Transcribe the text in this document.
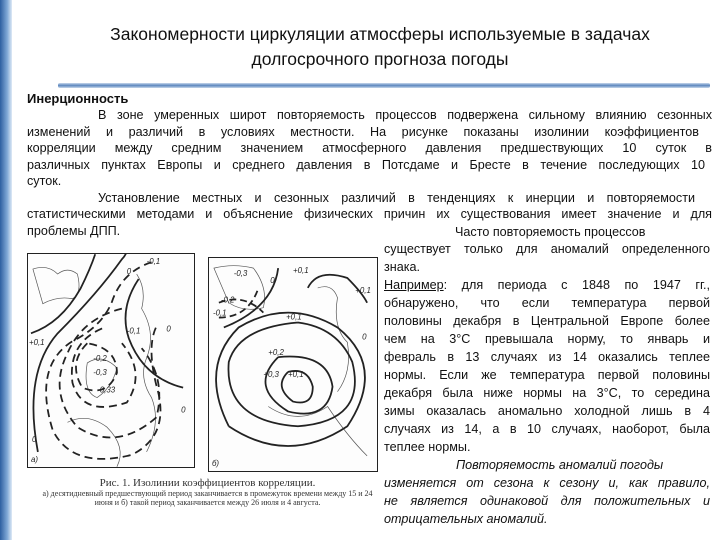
Закономерности циркуляции атмосферы используемые в задачах
долгосрочного прогноза погоды
Инерционность
В зоне умеренных широт повторяемость процессов подвержена сильному влиянию сезонных
изменений и различий в условиях местности. На рисунке показаны изолинии коэффициентов
корреляции между средним значением атмосферного давления предшествующих 10 суток в
различных пунктах Европы и среднего давления в Потсдаме и Бресте в течение последующих 10
суток.
Установление местных и сезонных различий в тенденциях к инерции и повторяемости
статистическими методами и объяснение физических причин их существования имеет значение и для
проблемы ДПП.	Часто повторяемость процессов
существует только для аномалий определенного
знака.
Например: для периода с 1848 по 1947 гг.,
обнаружено, что если температура первой
половины декабря в Центральной Европе более
чем на 3°С превышала норму, то январь и
февраль в 13 случаях из 14 оказались теплее
нормы. Если же температура первой половины
декабря была ниже нормы на 3°С, то середина
зимы оказалась аномально холодной лишь в 4
случаях из 14, а в 10 случаях, наоборот, была
теплее нормы.
Повторяемость аномалий погоды
изменяется от сезона к сезону и, как правило,
не является одинаковой для положительных и
отрицательных аномалий.
0
+0,1
-0,1	0
-0,1
-0,2
-0,3
-0,33
0
0
а)
-0,3
-0,2
-0,1
0
+0,1
+0,1
0
+0,1
+0,2
+0,3 +0,1
б)
Рис. 1. Изолинии коэффициентов корреляции.
а) десятидневный предшествующий период заканчивается в промежуток времени между 15 и 24 июня и б) такой период заканчивается между 26 июля и 4 августа.
